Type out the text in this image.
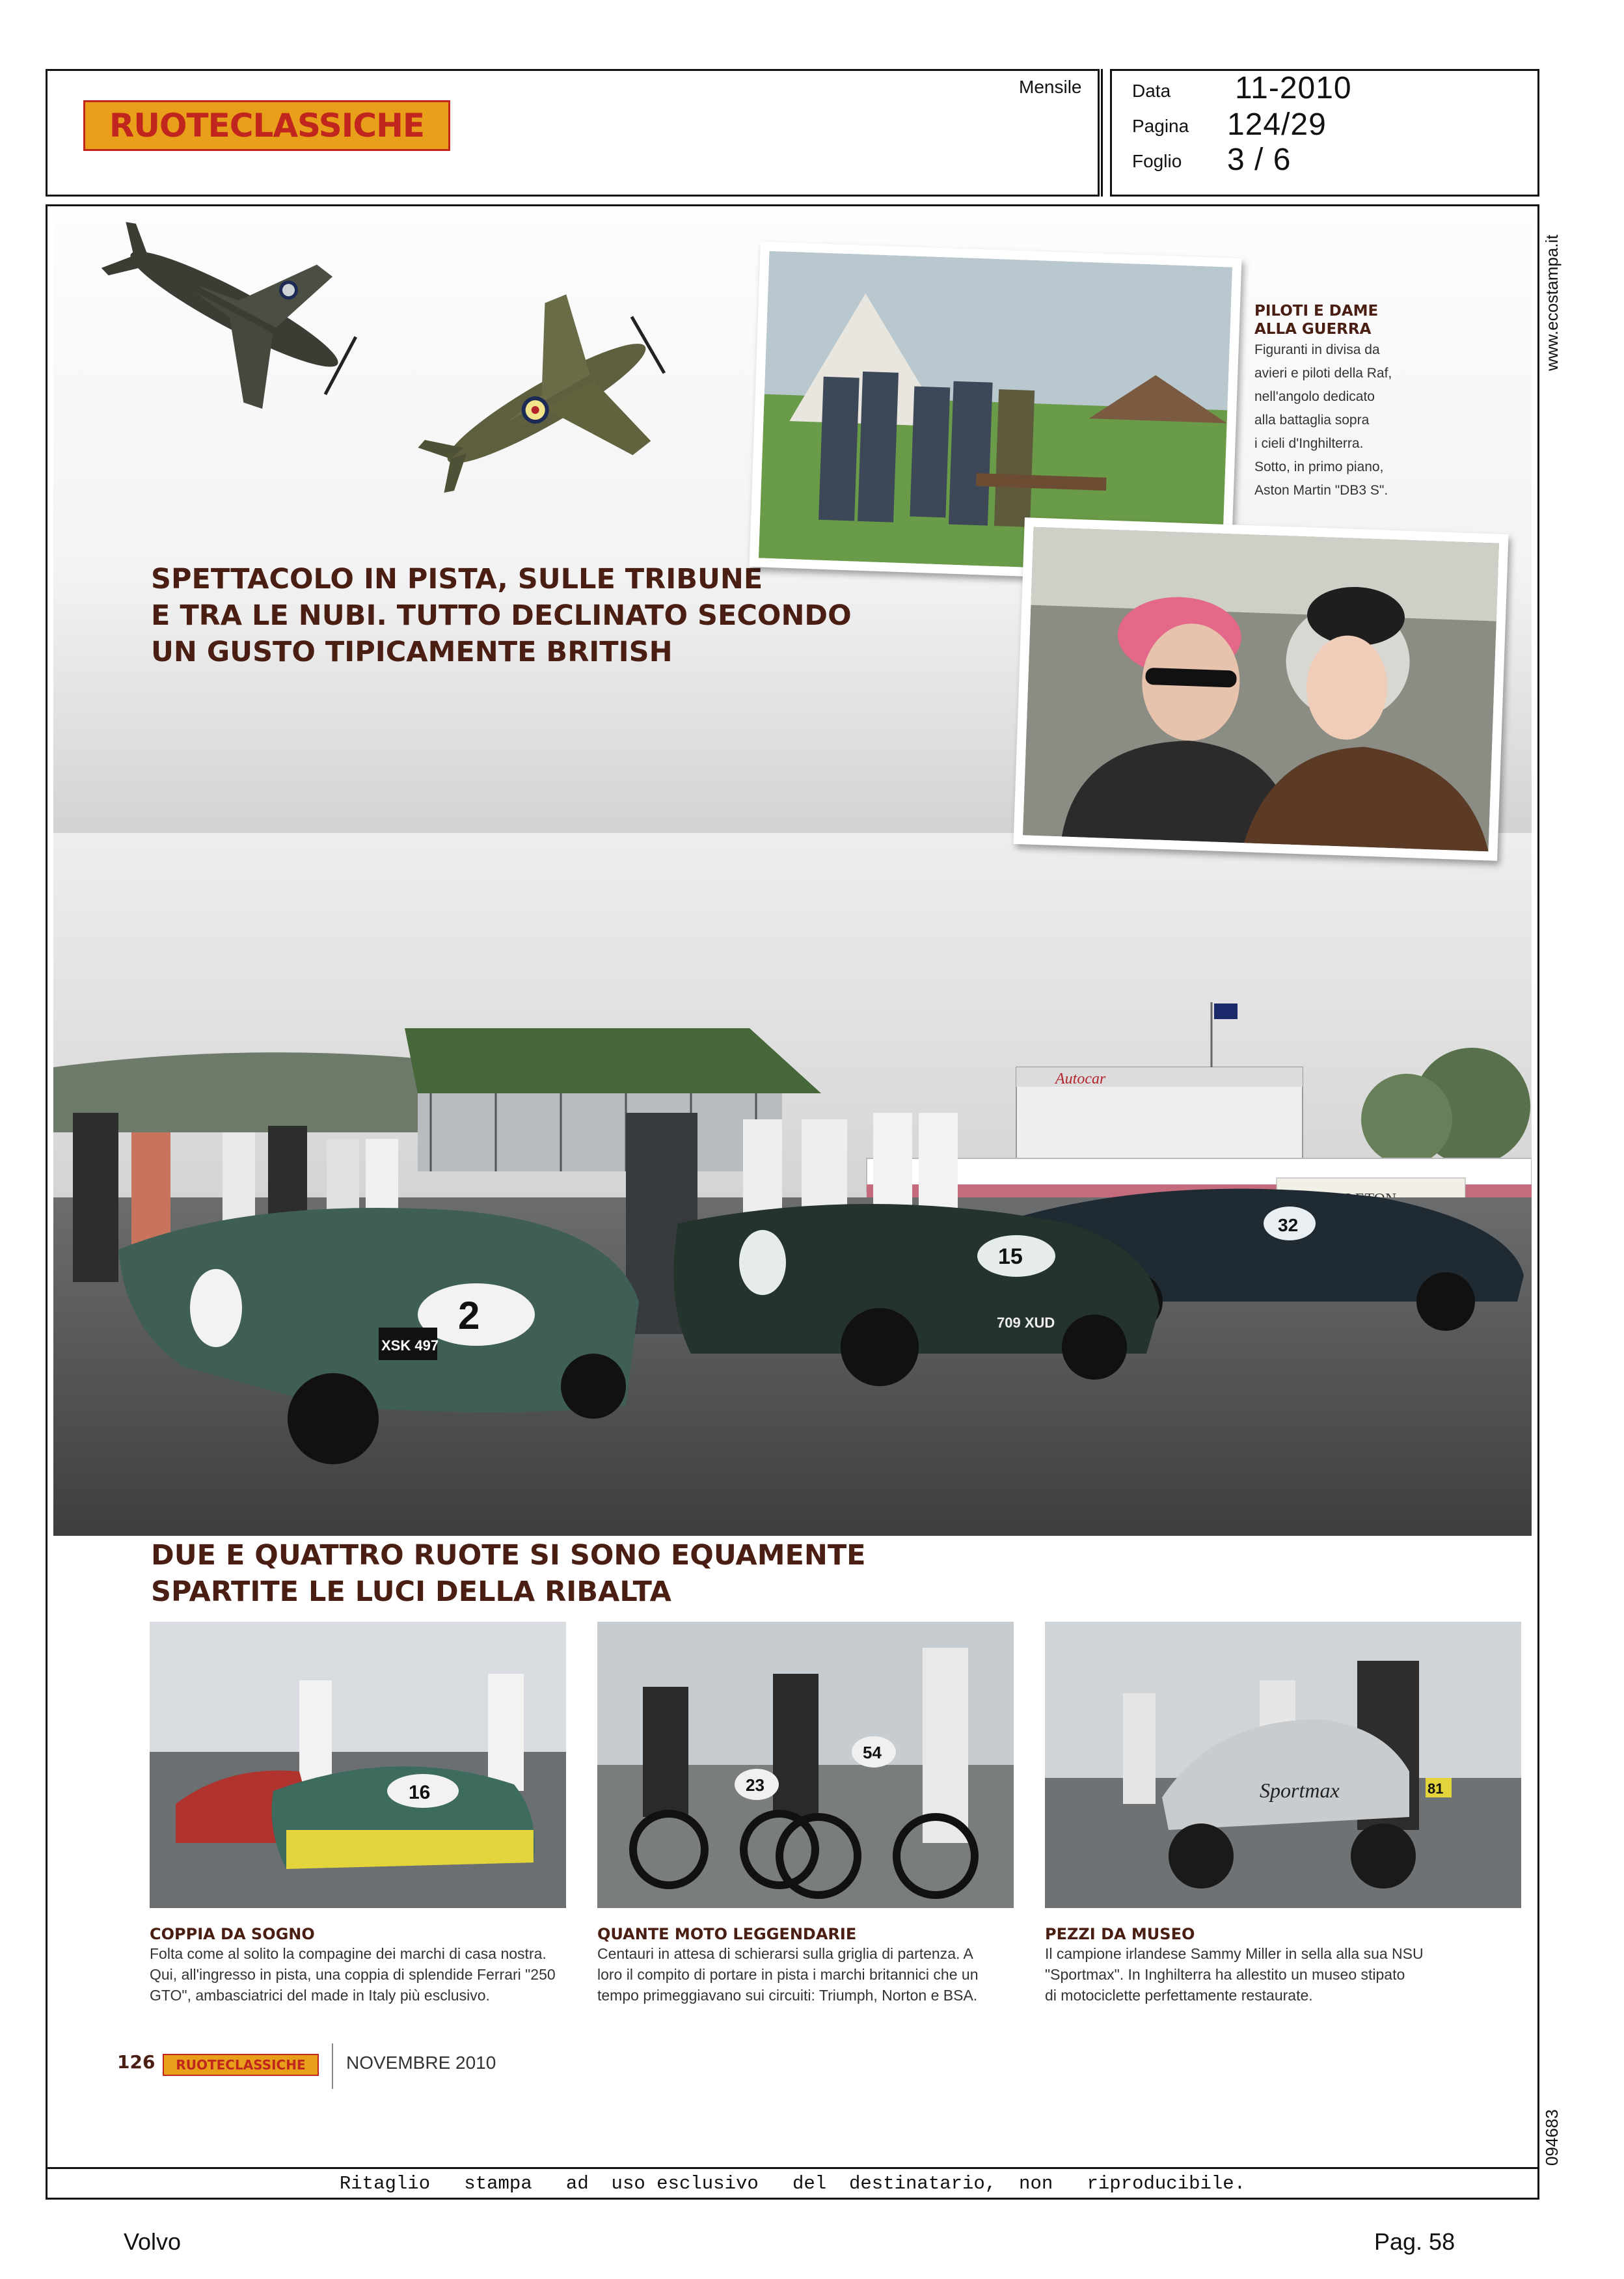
RUOTECLASSICHE
Mensile	Data 11-2010
Pagina 124/29
Foglio 3 / 6
www.ecostampa.it
094683
SPETTACOLO IN PISTA, SULLE TRIBUNE
E TRA LE NUBI. TUTTO DECLINATO SECONDO
UN GUSTO TIPICAMENTE BRITISH
PILOTI E DAME
ALLA GUERRA
Figuranti in divisa da
avieri e piloti della Raf,
nell'angolo dedicato
alla battaglia sopra
i cieli d'Inghilterra.
Sotto, in primo piano,
Aston Martin "DB3 S".
Autocar
32
15
709 XUD
2
XSK 497
DUE E QUATTRO RUOTE SI SONO EQUAMENTE
SPARTITE LE LUCI DELLA RIBALTA
16	23
54
Sportmax	81
COPPIA DA SOGNO
Folta come al solito la compagine dei marchi di casa nostra.
Qui, all'ingresso in pista, una coppia di splendide Ferrari "250
GTO", ambasciatrici del made in Italy più esclusivo.
QUANTE MOTO LEGGENDARIE
Centauri in attesa di schierarsi sulla griglia di partenza. A
loro il compito di portare in pista i marchi britannici che un
tempo primeggiavano sui circuiti: Triumph, Norton e BSA.
PEZZI DA MUSEO
Il campione irlandese Sammy Miller in sella alla sua NSU
"Sportmax". In Inghilterra ha allestito un museo stipato
di motociclette perfettamente restaurate.
126 RUOTECLASSICHE NOVEMBRE 2010
Ritaglio   stampa   ad  uso esclusivo   del  destinatario,  non   riproducibile.
Volvo	Pag. 58
